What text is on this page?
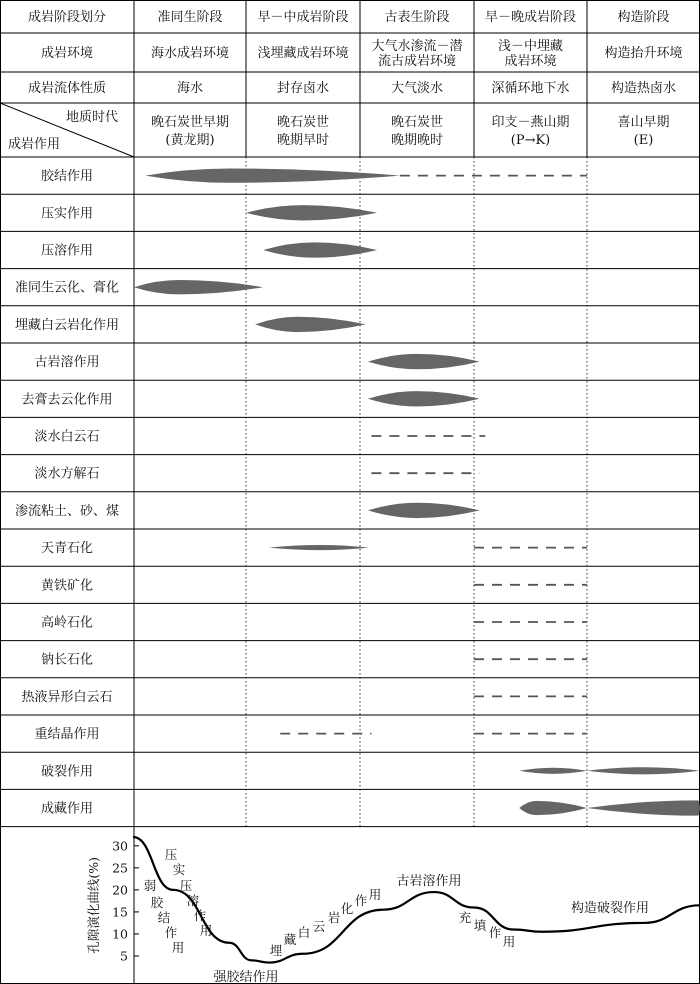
成岩阶段划分
成岩环境
成岩流体性质
地质时代
成岩作用
准同生阶段
海水成岩环境
海水
晚石炭世早期
(黄龙期)
早－中成岩阶段
浅埋藏成岩环境
封存卤水
晚石炭世
晚期早时
古表生阶段
大气水渗流－潜
流古成岩环境
大气淡水
晚石炭世
晚期晚时
早－晚成岩阶段
浅－中埋藏
成岩环境
深循环地下水
印支－燕山期
(P→K)
构造阶段
构造抬升环境
构造热卤水
喜山早期
(E)
胶结作用
压实作用
压溶作用
准同生云化、膏化
埋藏白云岩化作用
古岩溶作用
去膏去云化作用
淡水白云石
淡水方解石
渗流粘土、砂、煤
天青石化
黄铁矿化
高岭石化
钠长石化
热液异形白云石
重结晶作用
破裂作用
成藏作用
30
25
20
15
10
5
孔隙演化曲线(%)	弱
胶
结
作
用
压
实
压
溶
作
用
强胶结作用
埋
藏 白 云
岩
化
作 用
古岩溶作用
充
填 作
用
构造破裂作用
